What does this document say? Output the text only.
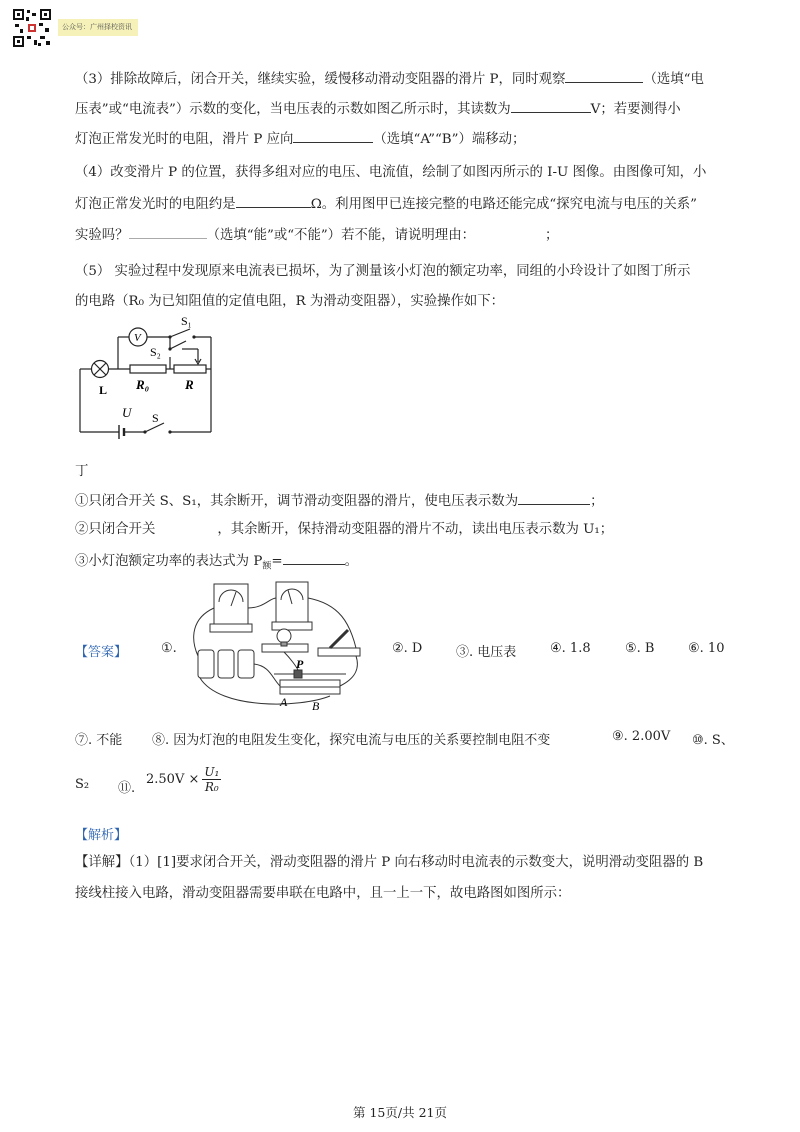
公众号：广州择校资讯
（3）排除故障后，闭合开关，继续实验，缓慢移动滑动变阻器的滑片 P，同时观察	（选填“电
压表”或“电流表”）示数的变化，当电压表的示数如图乙所示时，其读数为	V；若要测得小
灯泡正常发光时的电阻，滑片 P 应向	（选填“A”“B”）端移动；
（4）改变滑片 P 的位置，获得多组对应的电压、电流值，绘制了如图丙所示的 I-U 图像。由图像可知，小
灯泡正常发光时的电阻约是	Ω。利用图甲已连接完整的电路还能完成“探究电流与电压的关系”
实验吗？	（选填“能”或“不能”）若不能，请说明理由：	；
（5） 实验过程中发现原来电流表已损坏，为了测量该小灯泡的额定功率，同组的小玲设计了如图丁所示
的电路（R₀ 为已知阻值的定值电阻，R 为滑动变阻器），实验操作如下：
V
S₁
S₂
L R₀	R
U S
丁
①只闭合开关 S、S₁，其余断开，调节滑动变阻器的滑片，使电压表示数为	；
②只闭合开关	，其余断开，保持滑动变阻器的滑片不动，读出电压表示数为 U₁；
③小灯泡额定功率的表达式为 $P_额=$	。
【答案】	①.
P
A B
②. D	③. 电压表	④. 1.8	⑤. B	⑥. 10
⑦. 不能 ⑧. 因为灯泡的电阻发生变化，探究电流与电压的关系要控制电阻不变	⑨. 2.00V ⑩. S、
S₂ ⑪.
$2.50V \times \frac{\text{U₁}}{\text{R₀}}$
【解析】
【详解】（1）[1]要求闭合开关，滑动变阻器的滑片 P 向右移动时电流表的示数变大，说明滑动变阻器的 B
接线柱接入电路，滑动变阻器需要串联在电路中，且一上一下，故电路图如图所示：
第 15页/共 21页
